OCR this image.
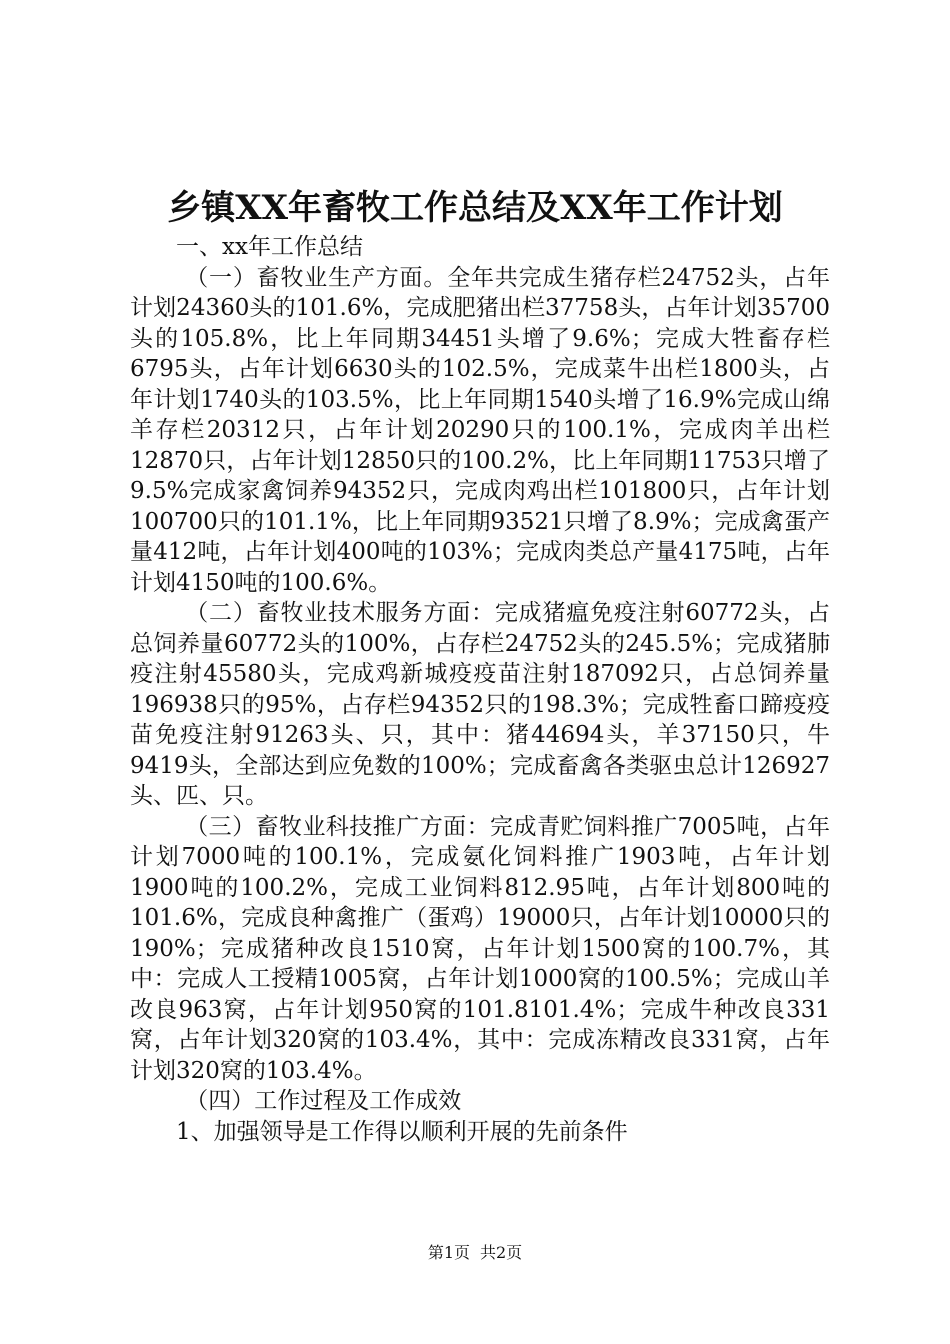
乡镇XX年畜牧工作总结及XX年工作计划

一、xx年工作总结

（一）畜牧业生产方面。全年共完成生猪存栏24752头，占年计划24360头的101.6%，完成肥猪出栏37758头，占年计划35700头的105.8%，比上年同期34451头增了9.6%；完成大牲畜存栏6795头，占年计划6630头的102.5%，完成菜牛出栏1800头，占年计划1740头的103.5%，比上年同期1540头增了16.9%完成山绵羊存栏20312只，占年计划20290只的100.1%，完成肉羊出栏12870只，占年计划12850只的100.2%，比上年同期11753只增了9.5%完成家禽饲养94352只，完成肉鸡出栏101800只，占年计划100700只的101.1%，比上年同期93521只增了8.9%；完成禽蛋产量412吨，占年计划400吨的103%；完成肉类总产量4175吨，占年计划4150吨的100.6%。

（二）畜牧业技术服务方面：完成猪瘟免疫注射60772头，占总饲养量60772头的100%，占存栏24752头的245.5%；完成猪肺疫注射45580头，完成鸡新城疫疫苗注射187092只，占总饲养量196938只的95%，占存栏94352只的198.3%；完成牲畜口蹄疫疫苗免疫注射91263头、只，其中：猪44694头，羊37150只，牛9419头，全部达到应免数的100%；完成畜禽各类驱虫总计126927头、匹、只。

（三）畜牧业科技推广方面：完成青贮饲料推广7005吨，占年计划7000吨的100.1%，完成氨化饲料推广1903吨，占年计划1900吨的100.2%，完成工业饲料812.95吨，占年计划800吨的101.6%，完成良种禽推广（蛋鸡）19000只，占年计划10000只的190%；完成猪种改良1510窝，占年计划1500窝的100.7%，其中：完成人工授精1005窝，占年计划1000窝的100.5%；完成山羊改良963窝，占年计划950窝的101.8101.4%；完成牛种改良331窝，占年计划320窝的103.4%，其中：完成冻精改良331窝，占年计划320窝的103.4%。

（四）工作过程及工作成效

1、加强领导是工作得以顺利开展的先前条件

第1页 共2页
